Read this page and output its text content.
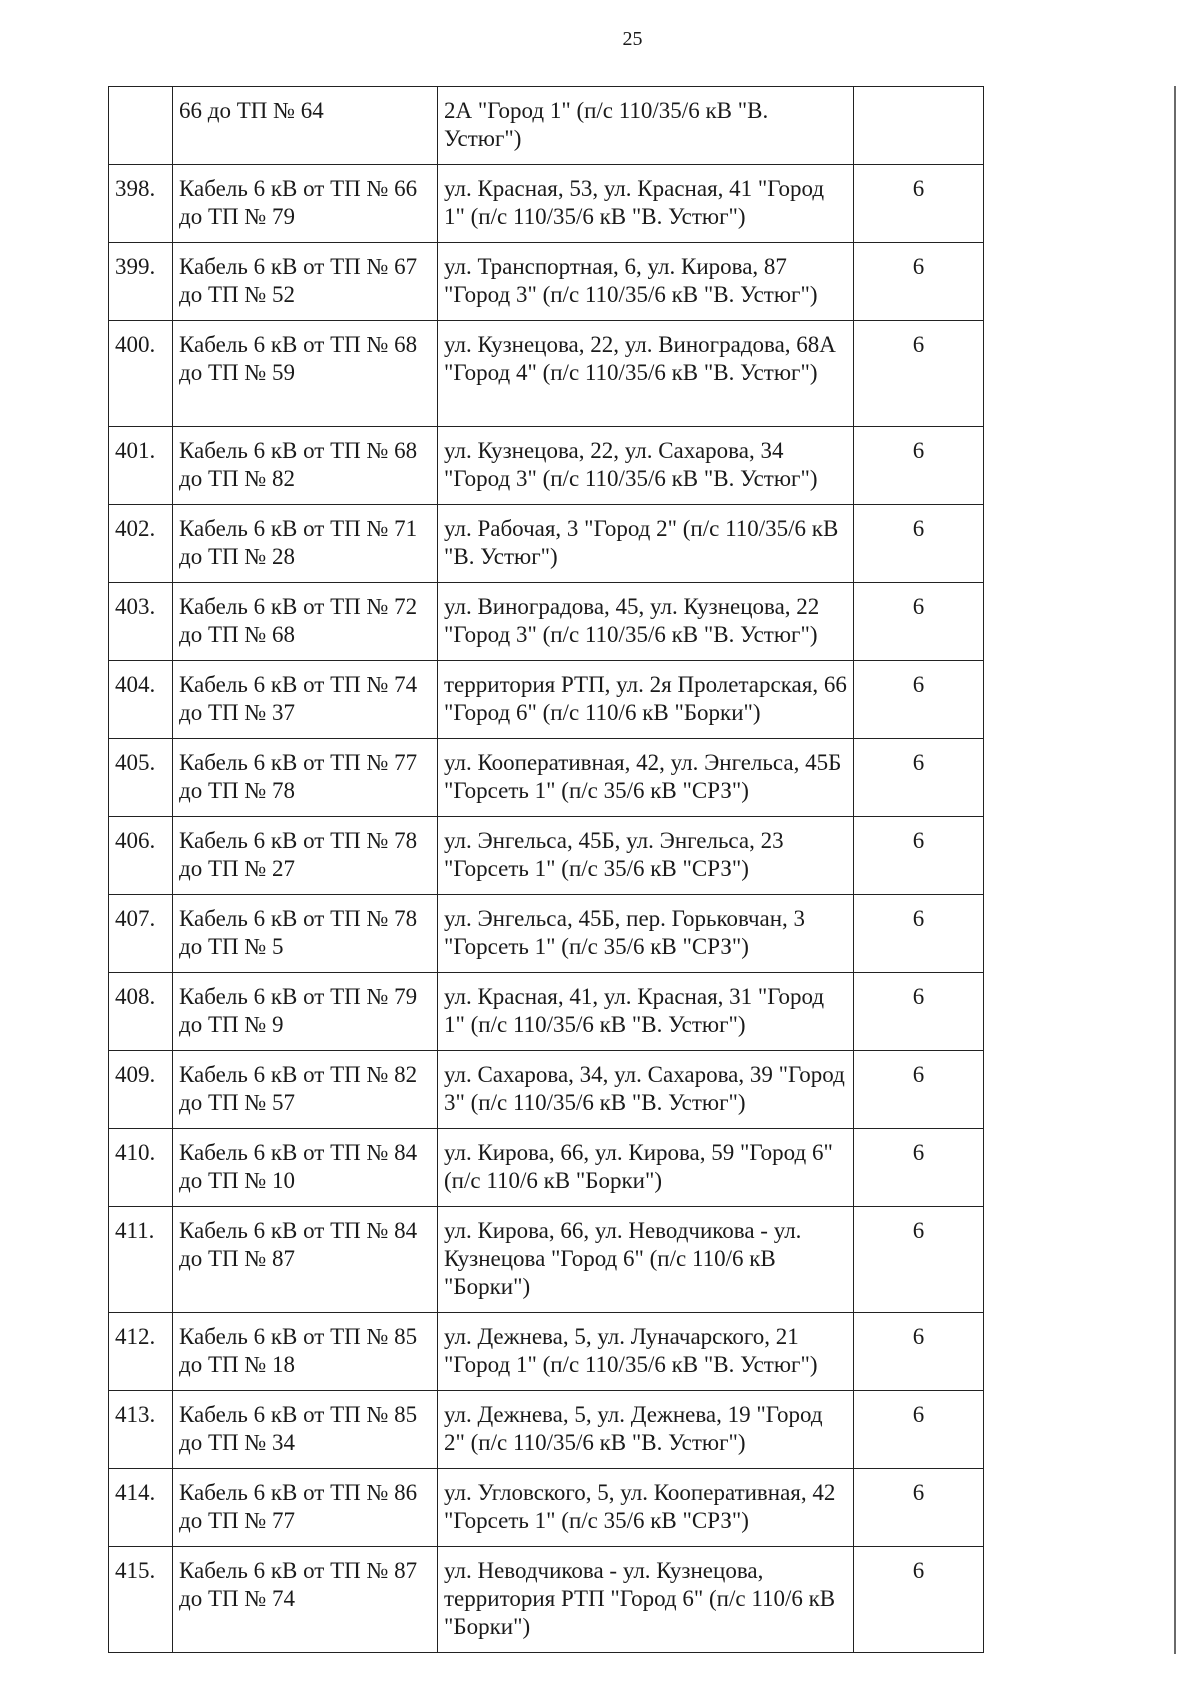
25
	66 до ТП № 64	2А "Город 1" (п/с 110/35/6 кВ "В. Устюг")	
398.	Кабель 6 кВ от ТП № 66 до ТП № 79	ул. Красная, 53, ул. Красная, 41 "Город 1" (п/с 110/35/6 кВ "В. Устюг")	6
399.	Кабель 6 кВ от ТП № 67 до ТП № 52	ул. Транспортная, 6, ул. Кирова, 87 "Город 3" (п/с 110/35/6 кВ "В. Устюг")	6
400.	Кабель 6 кВ от ТП № 68 до ТП № 59	ул. Кузнецова, 22, ул. Виноградова, 68А "Город 4" (п/с 110/35/6 кВ "В. Устюг")	6
401.	Кабель 6 кВ от ТП № 68 до ТП № 82	ул. Кузнецова, 22, ул. Сахарова, 34 "Город 3" (п/с 110/35/6 кВ "В. Устюг")	6
402.	Кабель 6 кВ от ТП № 71 до ТП № 28	ул. Рабочая, 3 "Город 2" (п/с 110/35/6 кВ "В. Устюг")	6
403.	Кабель 6 кВ от ТП № 72 до ТП № 68	ул. Виноградова, 45, ул. Кузнецова, 22 "Город 3" (п/с 110/35/6 кВ "В. Устюг")	6
404.	Кабель 6 кВ от ТП № 74 до ТП № 37	территория РТП, ул. 2я Пролетарская, 66 "Город 6" (п/с 110/6 кВ "Борки")	6
405.	Кабель 6 кВ от ТП № 77 до ТП № 78	ул. Кооперативная, 42, ул. Энгельса, 45Б "Горсеть 1" (п/с 35/6 кВ "СРЗ")	6
406.	Кабель 6 кВ от ТП № 78 до ТП № 27	ул. Энгельса, 45Б, ул. Энгельса, 23 "Горсеть 1" (п/с 35/6 кВ "СРЗ")	6
407.	Кабель 6 кВ от ТП № 78 до ТП № 5	ул. Энгельса, 45Б, пер. Горьковчан, 3 "Горсеть 1" (п/с 35/6 кВ "СРЗ")	6
408.	Кабель 6 кВ от ТП № 79 до ТП № 9	ул. Красная, 41, ул. Красная, 31 "Город 1" (п/с 110/35/6 кВ "В. Устюг")	6
409.	Кабель 6 кВ от ТП № 82 до ТП № 57	ул. Сахарова, 34, ул. Сахарова, 39 "Город 3" (п/с 110/35/6 кВ "В. Устюг")	6
410.	Кабель 6 кВ от ТП № 84 до ТП № 10	ул. Кирова, 66, ул. Кирова, 59 "Город 6" (п/с 110/6 кВ "Борки")	6
411.	Кабель 6 кВ от ТП № 84 до ТП № 87	ул. Кирова, 66, ул. Неводчикова - ул. Кузнецова "Город 6" (п/с 110/6 кВ "Борки")	6
412.	Кабель 6 кВ от ТП № 85 до ТП № 18	ул. Дежнева, 5, ул. Луначарского, 21 "Город 1" (п/с 110/35/6 кВ "В. Устюг")	6
413.	Кабель 6 кВ от ТП № 85 до ТП № 34	ул. Дежнева, 5, ул. Дежнева, 19 "Город 2" (п/с 110/35/6 кВ "В. Устюг")	6
414.	Кабель 6 кВ от ТП № 86 до ТП № 77	ул. Угловского, 5, ул. Кооперативная, 42 "Горсеть 1" (п/с 35/6 кВ "СРЗ")	6
415.	Кабель 6 кВ от ТП № 87 до ТП № 74	ул. Неводчикова - ул. Кузнецова, территория РТП "Город 6" (п/с 110/6 кВ "Борки")	6
